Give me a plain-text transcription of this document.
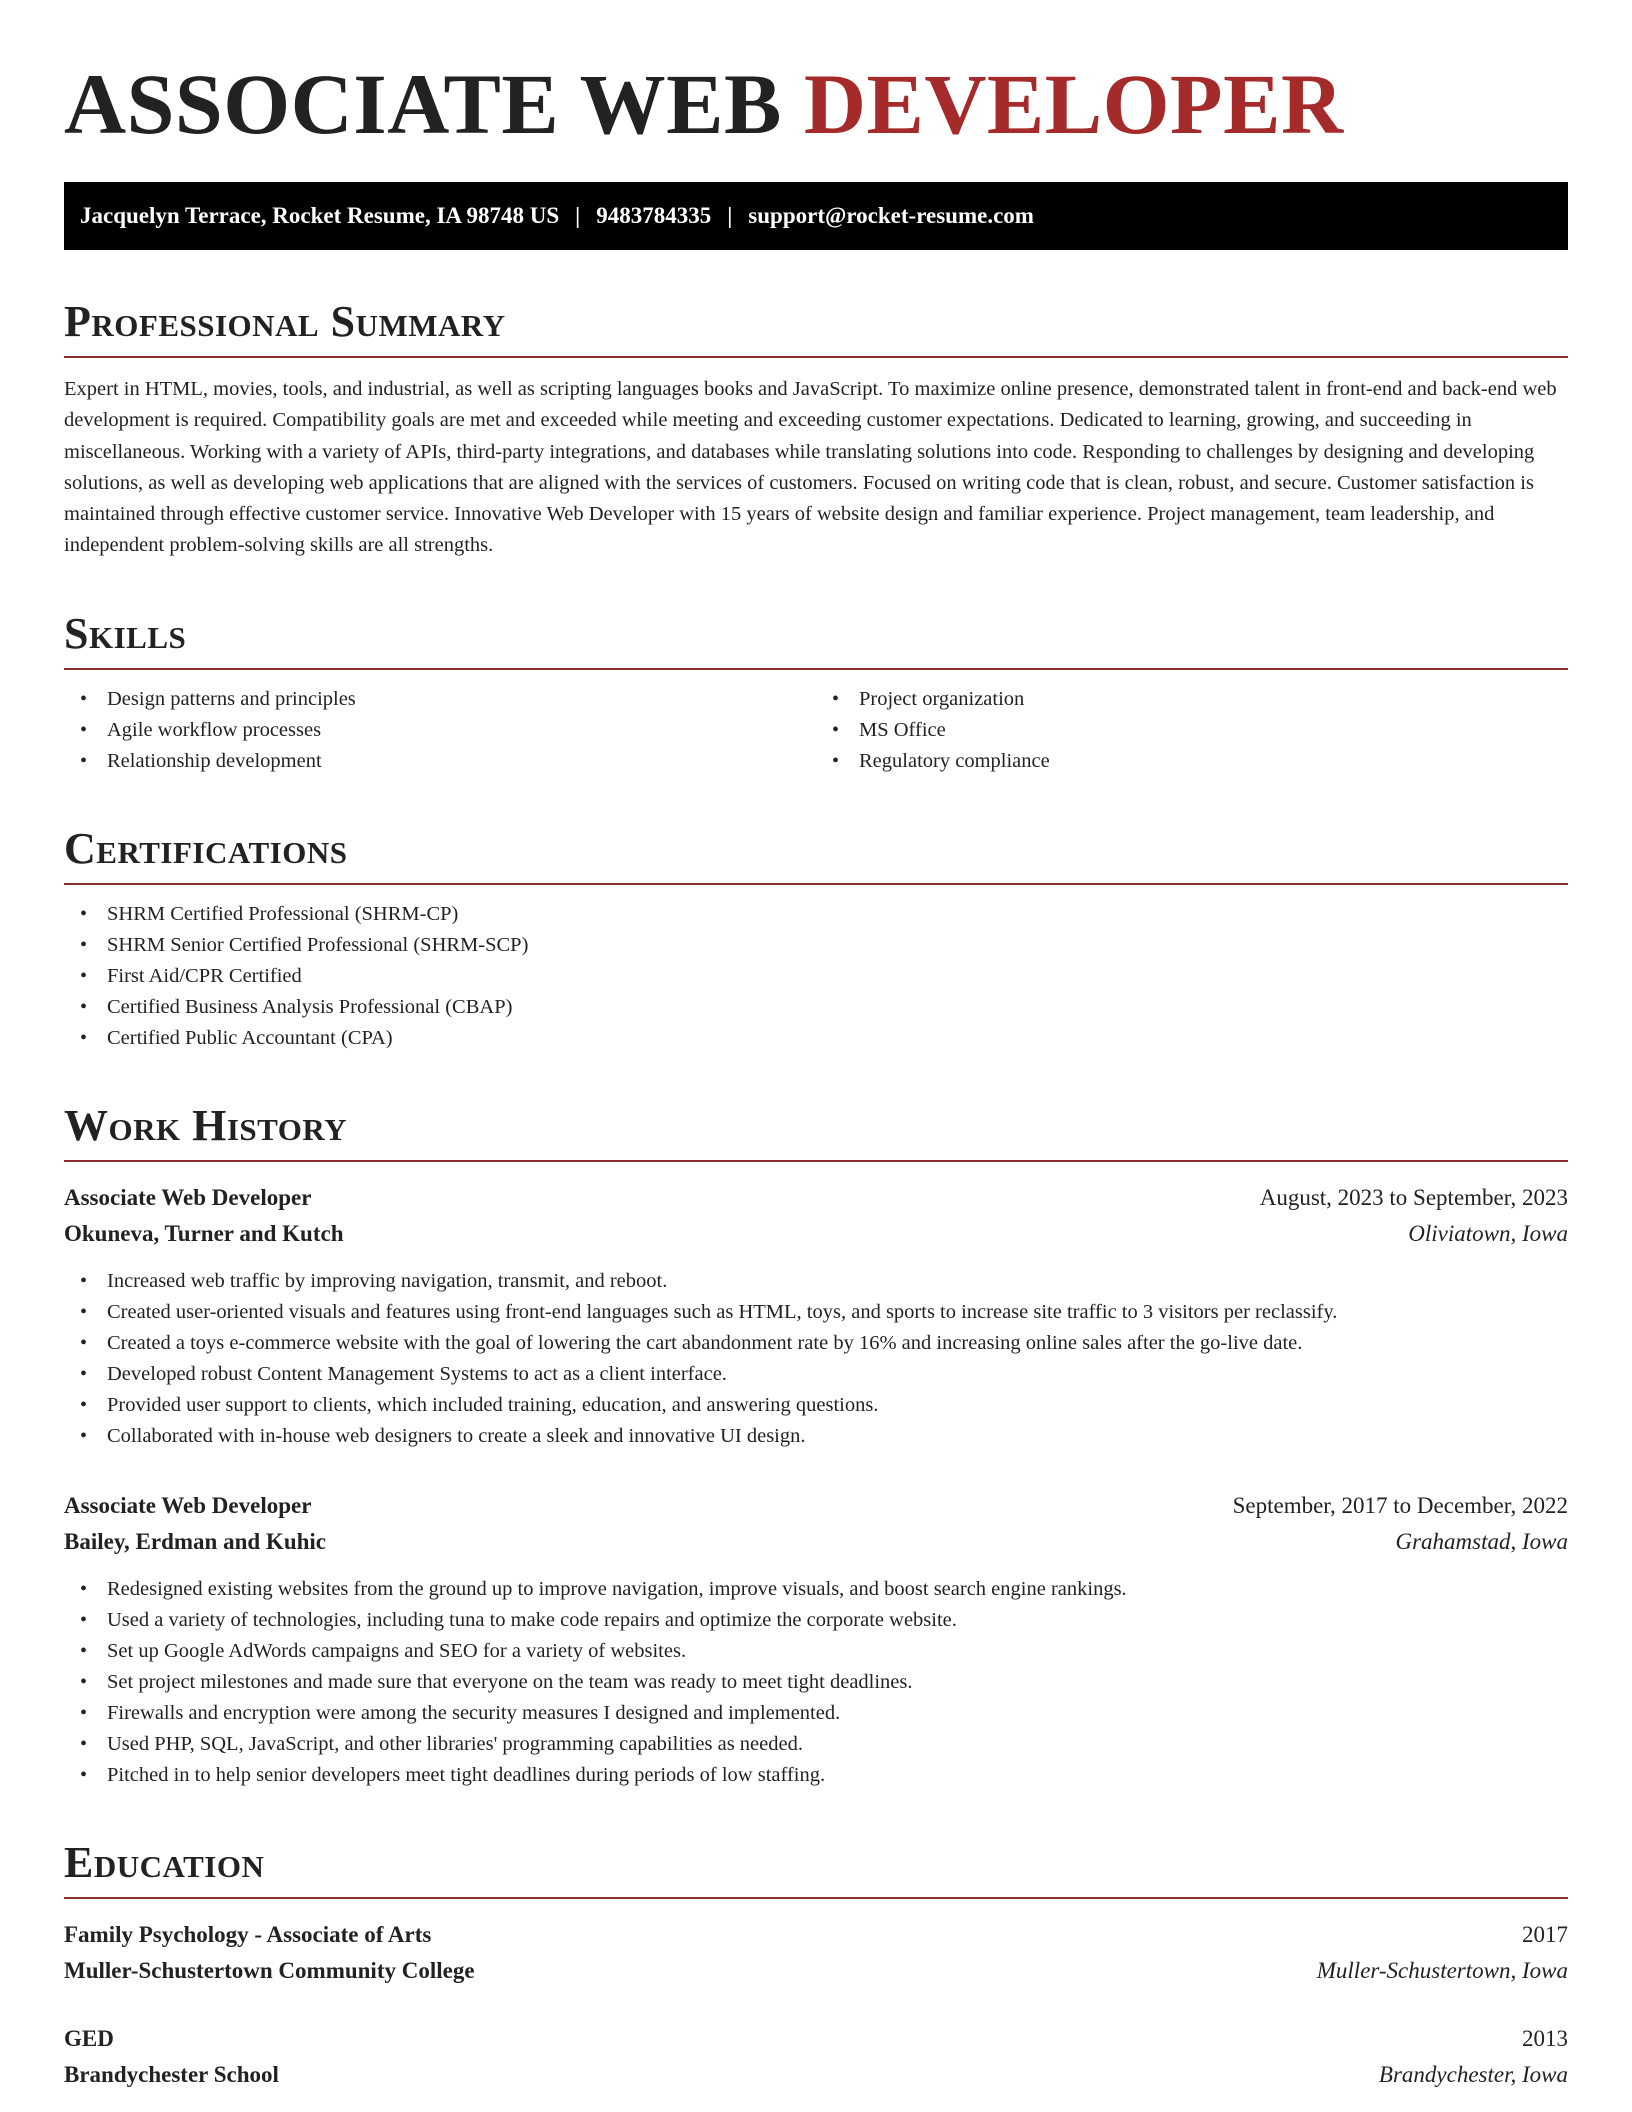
ASSOCIATE WEB DEVELOPER
Jacquelyn Terrace, Rocket Resume, IA 98748 US | 9483784335 | support@rocket-resume.com
Professional Summary

Expert in HTML, movies, tools, and industrial, as well as scripting languages books and JavaScript. To maximize online presence, demonstrated talent in front-end and back-end web development is required. Compatibility goals are met and exceeded while meeting and exceeding customer expectations. Dedicated to learning, growing, and succeeding in miscellaneous. Working with a variety of APIs, third-party integrations, and databases while translating solutions into code. Responding to challenges by designing and developing solutions, as well as developing web applications that are aligned with the services of customers. Focused on writing code that is clean, robust, and secure. Customer satisfaction is maintained through effective customer service. Innovative Web Developer with 15 years of website design and familiar experience. Project management, team leadership, and independent problem-solving skills are all strengths.

Skills
• Design patterns and principles
• Agile workflow processes
• Relationship development
• Project organization
• MS Office
• Regulatory compliance
Certifications
• SHRM Certified Professional (SHRM-CP)
• SHRM Senior Certified Professional (SHRM-SCP)
• First Aid/CPR Certified
• Certified Business Analysis Professional (CBAP)
• Certified Public Accountant (CPA)
Work History
Associate Web Developer	August, 2023 to September, 2023
Okuneva, Turner and Kutch	Oliviatown, Iowa
• Increased web traffic by improving navigation, transmit, and reboot.
• Created user-oriented visuals and features using front-end languages such as HTML, toys, and sports to increase site traffic to 3 visitors per reclassify.
• Created a toys e-commerce website with the goal of lowering the cart abandonment rate by 16% and increasing online sales after the go-live date.
• Developed robust Content Management Systems to act as a client interface.
• Provided user support to clients, which included training, education, and answering questions.
• Collaborated with in-house web designers to create a sleek and innovative UI design.
Associate Web Developer	September, 2017 to December, 2022
Bailey, Erdman and Kuhic	Grahamstad, Iowa
• Redesigned existing websites from the ground up to improve navigation, improve visuals, and boost search engine rankings.
• Used a variety of technologies, including tuna to make code repairs and optimize the corporate website.
• Set up Google AdWords campaigns and SEO for a variety of websites.
• Set project milestones and made sure that everyone on the team was ready to meet tight deadlines.
• Firewalls and encryption were among the security measures I designed and implemented.
• Used PHP, SQL, JavaScript, and other libraries' programming capabilities as needed.
• Pitched in to help senior developers meet tight deadlines during periods of low staffing.
Education
Family Psychology - Associate of Arts	2017
Muller-Schustertown Community College	Muller-Schustertown, Iowa
GED	2013
Brandychester School	Brandychester, Iowa
